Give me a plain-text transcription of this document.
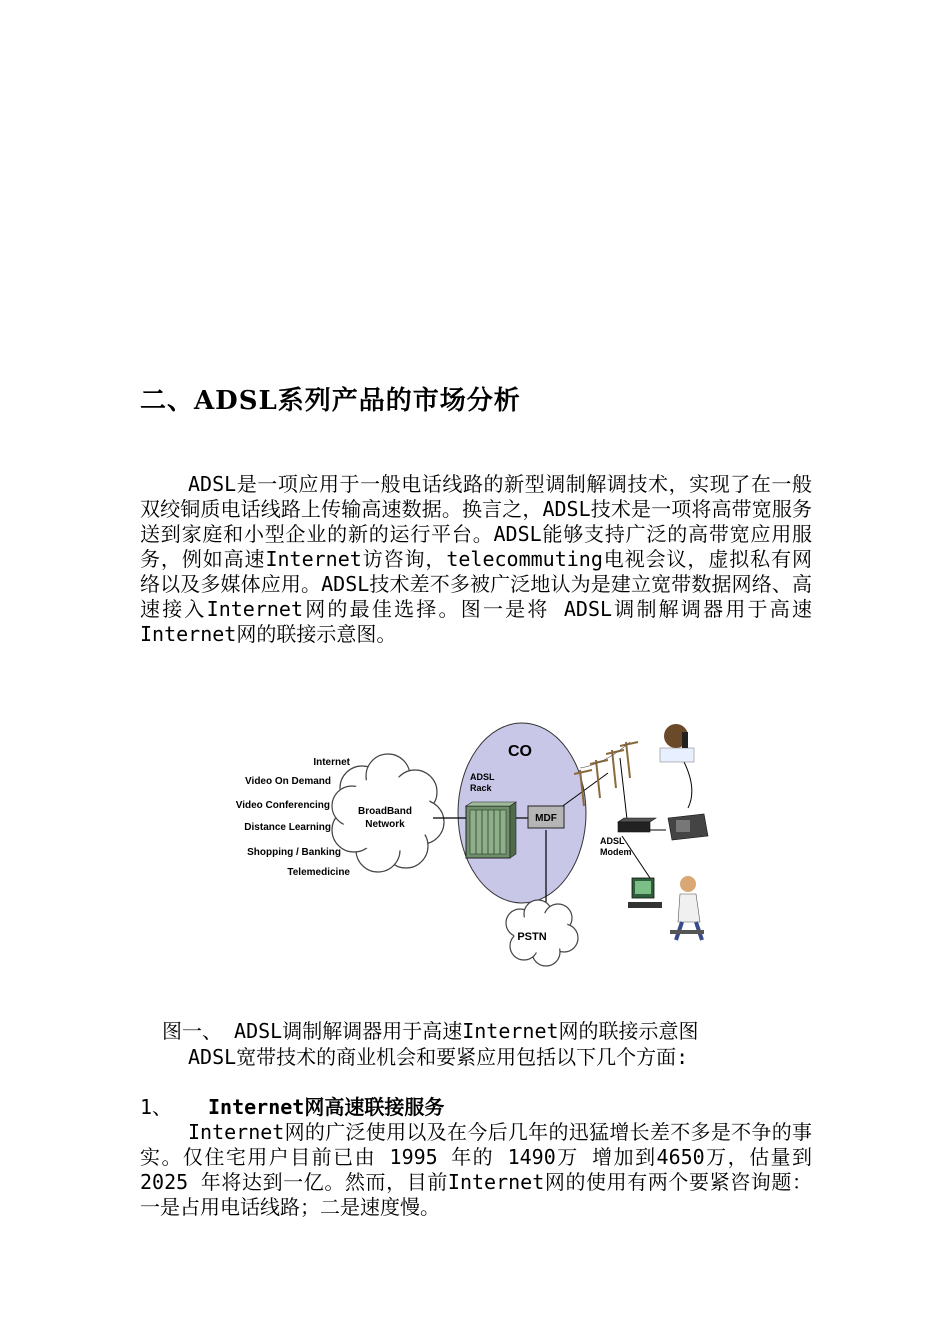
二、ADSL系列产品的市场分析

ADSL是一项应用于一般电话线路的新型调制解调技术，实现了在一般双绞铜质电话线路上传输高速数据。换言之，ADSL技术是一项将高带宽服务送到家庭和小型企业的新的运行平台。ADSL能够支持广泛的高带宽应用服务，例如高速Internet访咨询，telecommuting电视会议，虚拟私有网络以及多媒体应用。ADSL技术差不多被广泛地认为是建立宽带数据网络、高速接入Internet网的最佳选择。图一是将 ADSL调制解调器用于高速Internet网的联接示意图。

Internet
Video On Demand
Video Conferencing
Distance Learning
Shopping / Banking
Telemedicine
BroadBand
Network
CO
ADSL
Rack
MDF
PSTN
ADSL
Modem

图一、 ADSL调制解调器用于高速Internet网的联接示意图

ADSL宽带技术的商业机会和要紧应用包括以下几个方面:

1、 Internet网高速联接服务

Internet网的广泛使用以及在今后几年的迅猛增长差不多是不争的事实。仅住宅用户目前已由 1995 年的 1490万 增加到4650万，估量到 2025 年将达到一亿。然而，目前Internet网的使用有两个要紧咨询题：一是占用电话线路；二是速度慢。
